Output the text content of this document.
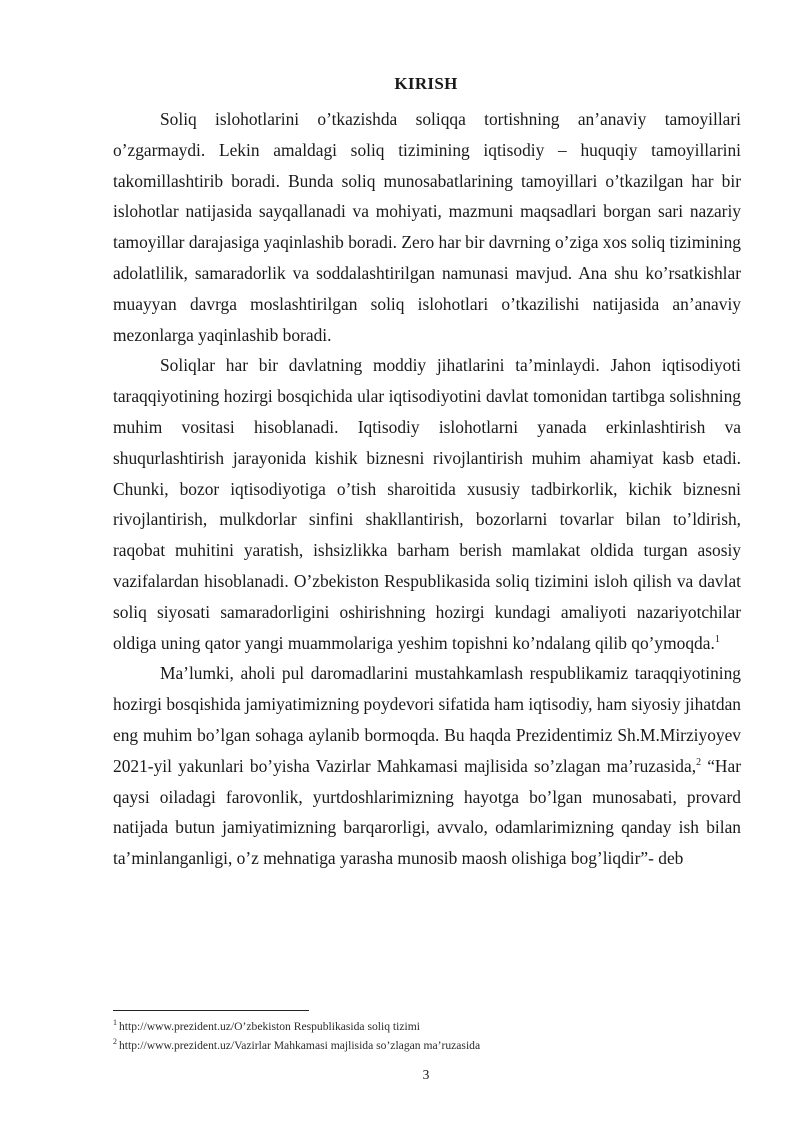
KIRISH

Soliq islohotlarini o’tkazishda soliqqa tortishning an’anaviy tamoyillari o’zgarmaydi. Lekin amaldagi soliq tizimining iqtisodiy – huquqiy tamoyillarini takomillashtirib boradi. Bunda soliq munosabatlarining tamoyillari o’tkazilgan har bir islohotlar natijasida sayqallanadi va mohiyati, mazmuni maqsadlari borgan sari nazariy tamoyillar darajasiga yaqinlashib boradi. Zero har bir davrning o’ziga xos soliq tizimining adolatlilik, samaradorlik va soddalashtirilgan namunasi mavjud. Ana shu ko’rsatkishlar muayyan davrga moslashtirilgan soliq islohotlari o’tkazilishi natijasida an’anaviy mezonlarga yaqinlashib boradi.

Soliqlar har bir davlatning moddiy jihatlarini ta’minlaydi. Jahon iqtisodiyoti taraqqiyotining hozirgi bosqichida ular iqtisodiyotini davlat tomonidan tartibga solishning muhim vositasi hisoblanadi. Iqtisodiy islohotlarni yanada erkinlashtirish va shuqurlashtirish jarayonida kishik biznesni rivojlantirish muhim ahamiyat kasb etadi. Chunki, bozor iqtisodiyotiga o’tish sharoitida xususiy tadbirkorlik, kichik biznesni rivojlantirish, mulkdorlar sinfini shakllantirish, bozorlarni tovarlar bilan to’ldirish, raqobat muhitini yaratish, ishsizlikka barham berish mamlakat oldida turgan asosiy vazifalardan hisoblanadi. O’zbekiston Respublikasida soliq tizimini isloh qilish va davlat soliq siyosati samaradorligini oshirishning hozirgi kundagi amaliyoti nazariyotchilar oldiga uning qator yangi muammolariga yeshim topishni ko’ndalang qilib qo’ymoqda.$^1$

Ma’lumki, aholi pul daromadlarini mustahkamlash respublikamiz taraqqiyotining hozirgi bosqishida jamiyatimizning poydevori sifatida ham iqtisodiy, ham siyosiy jihatdan eng muhim bo’lgan sohaga aylanib bormoqda. Bu haqda Prezidentimiz Sh.M.Mirziyoyev 2021-yil yakunlari bo’yisha Vazirlar Mahkamasi majlisida so’zlagan ma’ruzasida,$^2$ “Har qaysi oiladagi farovonlik, yurtdoshlarimizning hayotga bo’lgan munosabati, provard natijada butun jamiyatimizning barqarorligi, avvalo, odamlarimizning qanday ish bilan ta’minlanganligi, o’z mehnatiga yarasha munosib maosh olishiga bog’liqdir”- deb

$^1$ http://www.prezident.uz/O’zbekiston Respublikasida soliq tizimi

$^2$ http://www.prezident.uz/Vazirlar Mahkamasi majlisida so’zlagan ma’ruzasida

3
